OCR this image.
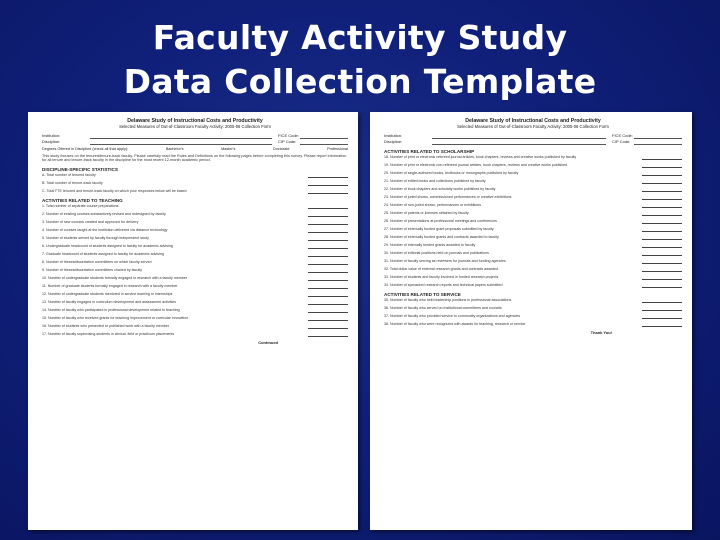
Faculty Activity Study
Data Collection Template
Delaware Study of Instructional Costs and Productivity
Selected Measures of Out-of-Classroom Faculty Activity: 2005-06 Collection Form
Institution:	FICE Code:
Discipline:	CIP Code:
Degrees Offered in Discipline (check all that apply):	Bachelor's	Master's	Doctorate	Professional
This study focuses on the tenured/tenure-track faculty. Please carefully read the Rules and Definitions on the following pages before completing this survey. Please report information for all tenure and tenure-track faculty in the discipline for the most recent 12-month academic period.
DISCIPLINE-SPECIFIC STATISTICS
A. Total number of tenured faculty
B. Total number of tenure-track faculty
C. Total FTE tenured and tenure-track faculty on which your responses below will be based
ACTIVITIES RELATED TO TEACHING
1. Total number of separate course preparations
2. Number of existing courses substantively revised and redesigned by faculty
3. Number of new courses created and approved for delivery
4. Number of courses taught at the institution delivered via distance technology
5. Number of students served by faculty through independent study
6. Undergraduate headcount of students assigned to faculty for academic advising
7. Graduate headcount of students assigned to faculty for academic advising
8. Number of theses/dissertation committees on which faculty served
9. Number of theses/dissertation committees chaired by faculty
10. Number of undergraduate students formally engaged in research with a faculty member
11. Number of graduate students formally engaged in research with a faculty member
12. Number of undergraduate students mentored in service learning or internships
13. Number of faculty engaged in curriculum development and assessment activities
14. Number of faculty who participated in professional development related to teaching
15. Number of faculty who received grants for teaching improvement or curricular innovation
16. Number of students who presented or published work with a faculty member
17. Number of faculty supervising students in clinical, field or practicum placements
Continued
Delaware Study of Instructional Costs and Productivity
Selected Measures of Out-of-Classroom Faculty Activity: 2005-06 Collection Form
Institution:	FICE Code:
Discipline:	CIP Code:
ACTIVITIES RELATED TO SCHOLARSHIP
18. Number of print or electronic refereed journal articles, book chapters, reviews and creative works published by faculty
19. Number of print or electronic non-refereed journal articles, book chapters, reviews and creative works published
20. Number of single-authored books, textbooks or monographs published by faculty
21. Number of edited books and collections published by faculty
22. Number of book chapters and scholarly works published by faculty
23. Number of juried shows, commissioned performances or creative exhibitions
24. Number of non-juried shows, performances or exhibitions
25. Number of patents or licenses obtained by faculty
26. Number of presentations at professional meetings and conferences
27. Number of externally funded grant proposals submitted by faculty
28. Number of externally funded grants and contracts awarded to faculty
29. Number of internally funded grants awarded to faculty
30. Number of editorial positions held on journals and publications
31. Number of faculty serving as reviewers for journals and funding agencies
32. Total dollar value of external research grants and contracts awarded
33. Number of students and faculty involved in funded research projects
34. Number of sponsored research reports and technical papers submitted
ACTIVITIES RELATED TO SERVICE
35. Number of faculty who held leadership positions in professional associations
36. Number of faculty who served on institutional committees and councils
37. Number of faculty who provided service to community organizations and agencies
38. Number of faculty who were recognized with awards for teaching, research or service
Thank You!
